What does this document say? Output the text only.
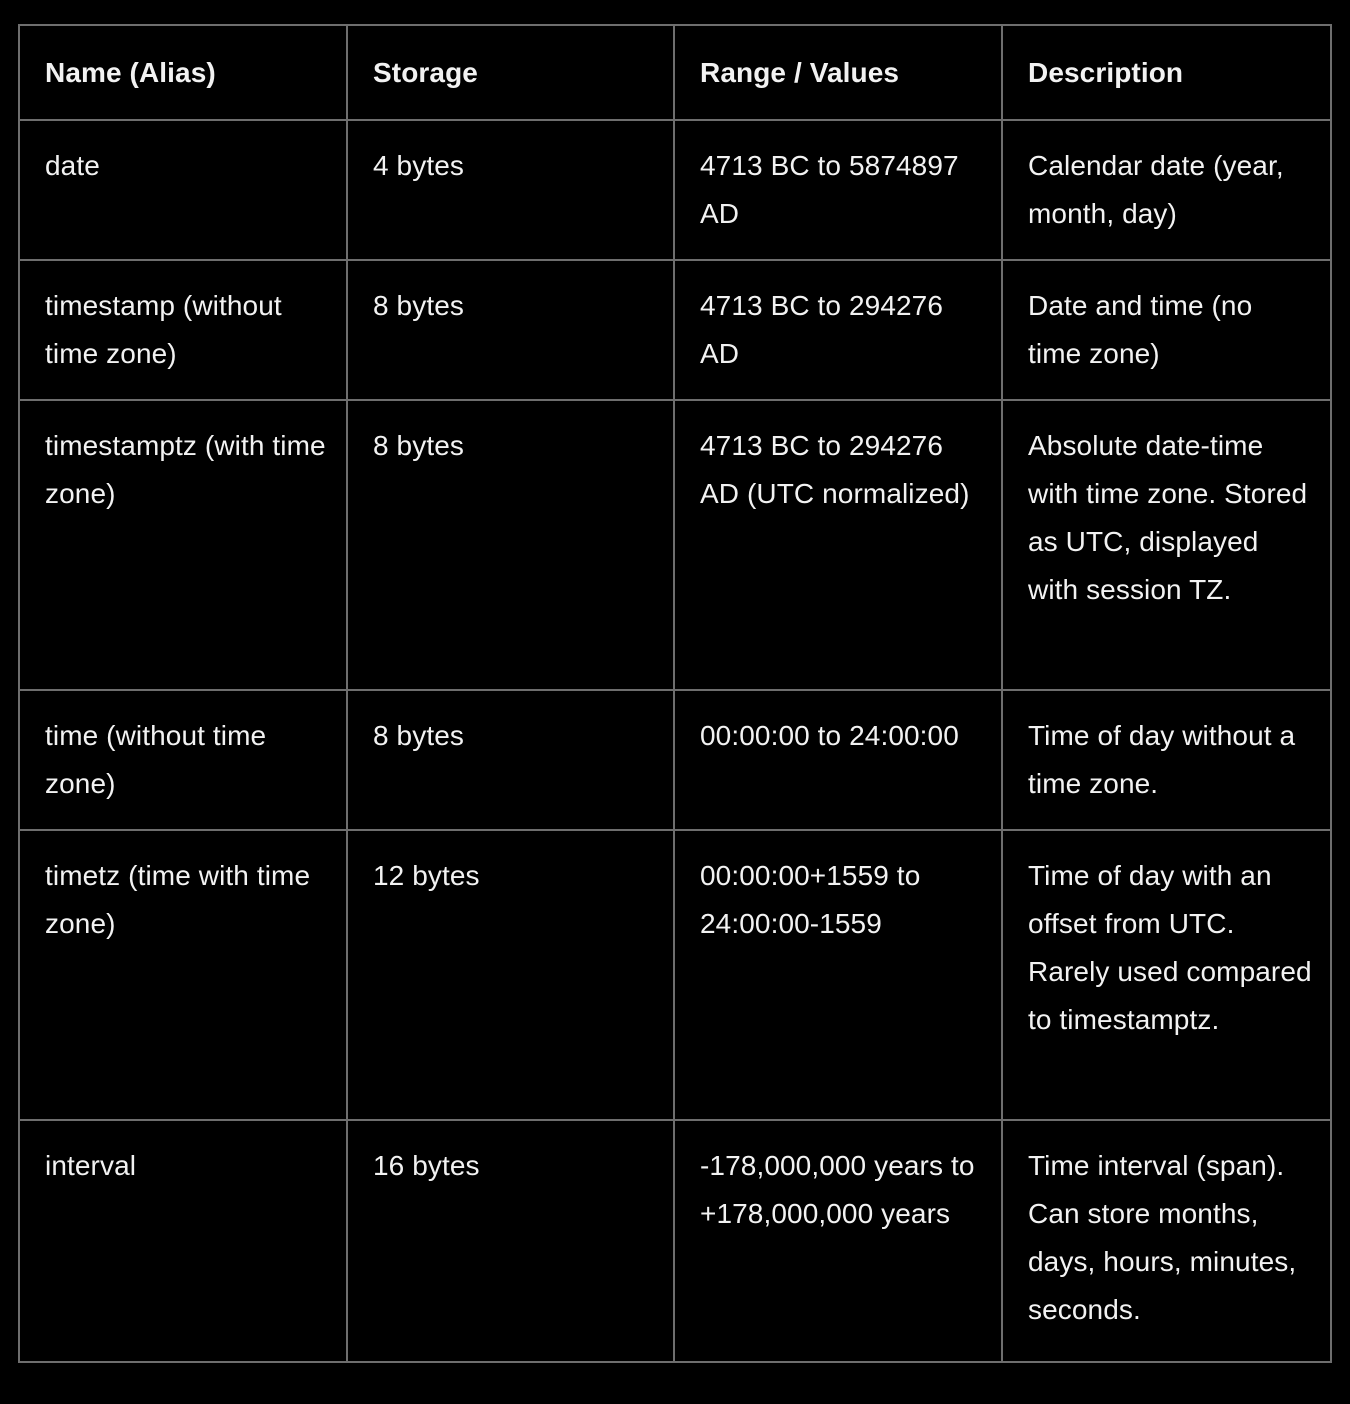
Name (Alias)	Storage	Range / Values	Description
date	4 bytes	4713 BC to 5874897 AD	Calendar date (year, month, day)
timestamp (without time zone)	8 bytes	4713 BC to 294276 AD	Date and time (no time zone)
timestamptz (with time zone)	8 bytes	4713 BC to 294276 AD (UTC normalized)	Absolute date-time with time zone. Stored as UTC, displayed with session TZ.
time (without time zone)	8 bytes	00:00:00 to 24:00:00	Time of day without a time zone.
timetz (time with time zone)	12 bytes	00:00:00+1559 to 24:00:00-1559	Time of day with an offset from UTC. Rarely used compared to timestamptz.
interval	16 bytes	-178,000,000 years to +178,000,000 years	Time interval (span). Can store months, days, hours, minutes, seconds.
